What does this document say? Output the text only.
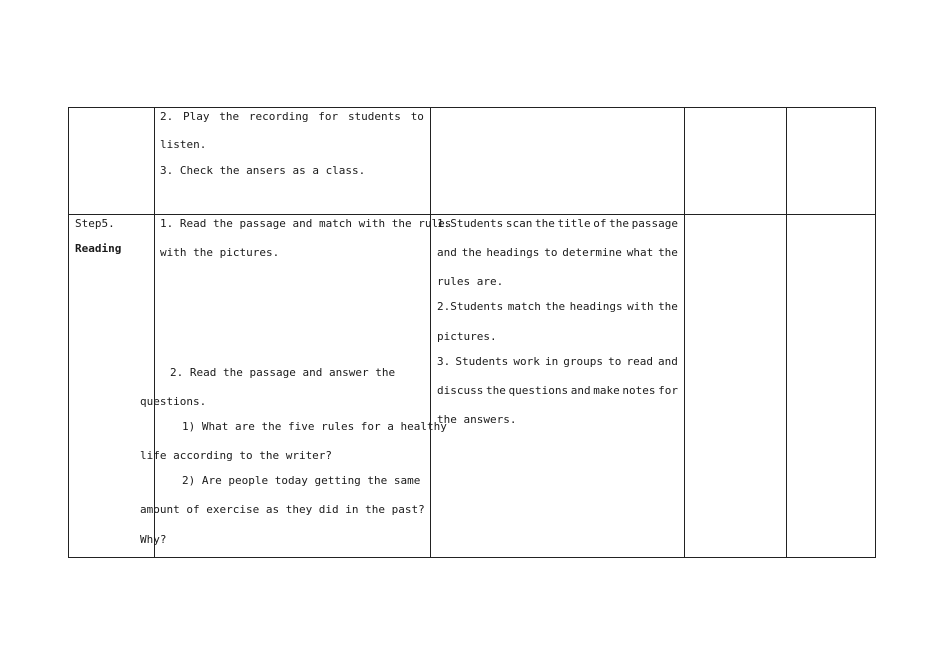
2. Play the recording for students to
listen.
3. Check the ansers as a class.
Step5.
Reading
1. Read the passage and match with the rules
with the pictures.
2. Read the passage and answer the
questions.
1) What are the five rules for a healthy
life according to the writer?
2) Are people today getting the same
amount of exercise as they did in the past?
Why?
1.Students scan the title of the passage
and the headings to determine what the
rules are.
2.Students match the headings with the
pictures.
3. Students work in groups to read and
discuss the questions and make notes for
the answers.
